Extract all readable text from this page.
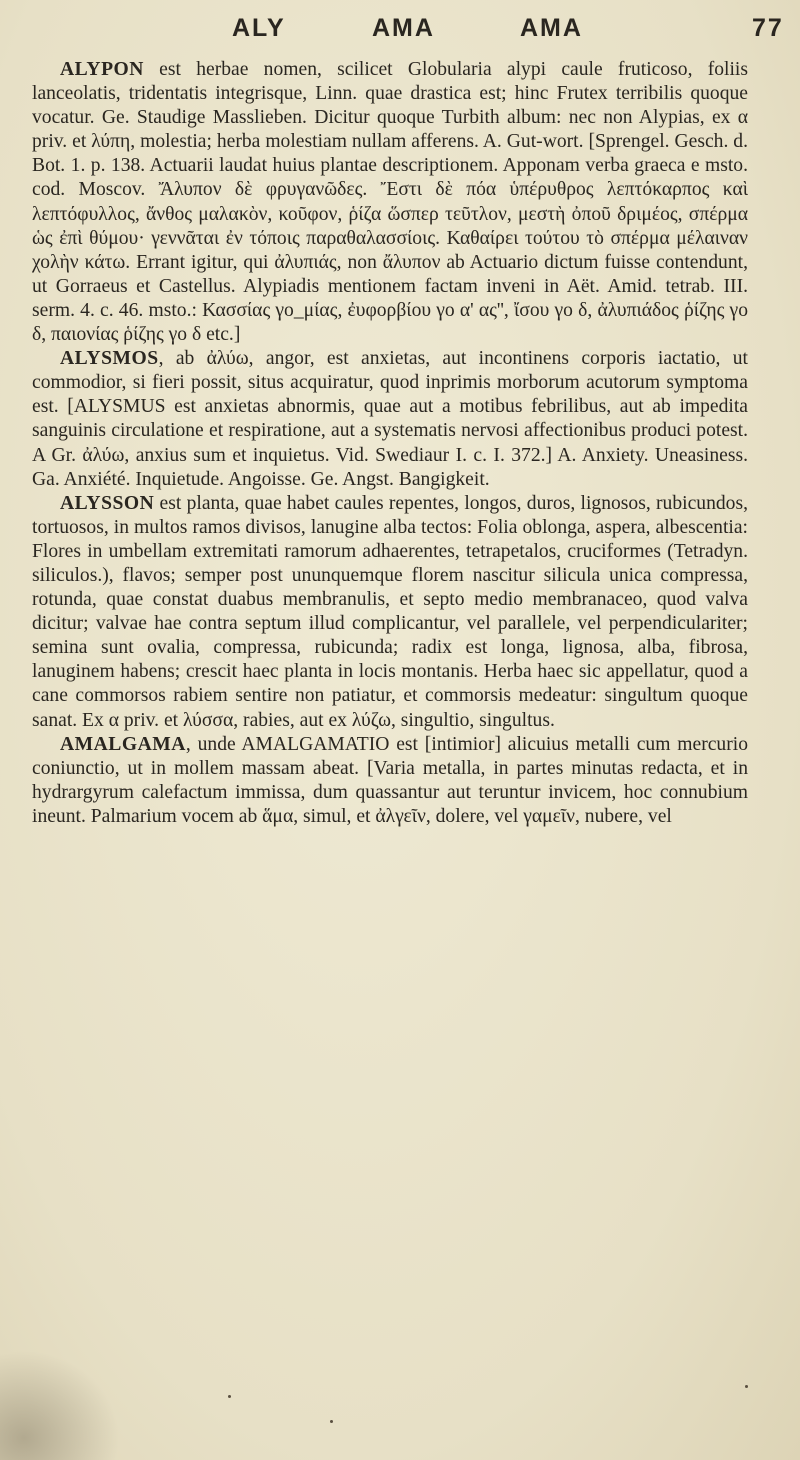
ALY	AMA	AMA	77

ALYPON est herbae nomen, scilicet Globularia alypi caule fruticoso, foliis lanceolatis, tridentatis integrisque, Linn. quae drastica est; hinc Frutex terribilis quoque vocatur. Ge. Staudige Masslieben. Dicitur quoque Turbith album: nec non Alypias, ex α priv. et λύπη, molestia; herba molestiam nullam afferens. A. Gut-wort. [Sprengel. Gesch. d. Bot. 1. p. 138. Actuarii laudat huius plantae descriptionem. Apponam verba graeca e msto. cod. Moscov. Ἄλυπον δὲ φρυγανῶδες. Ἔστι δὲ πόα ὑπέρυθρος λεπτόκαρπος καὶ λεπτόφυλλος, ἄνθος μαλακὸν, κοῦφον, ῥίζα ὥσπερ τεῦτλον, μεστὴ ὀποῦ δριμέος, σπέρμα ὡς ἐπὶ θύμου· γεννᾶται ἐν τόποις παραθαλασσίοις. Καθαίρει τούτου τὸ σπέρμα μέλαιναν χολὴν κάτω. Errant igitur, qui ἀλυπιάς, non ἄλυπον ab Actuario dictum fuisse contendunt, ut Gorraeus et Castellus. Alypiadis mentionem factam inveni in Aët. Amid. tetrab. III. serm. 4. c. 46. msto.: Κασσίας γο_μίας, ἐυφορβίου γο α' ας'', ἴσου γο δ, ἀλυπιάδος ῥίζης γο δ, παιονίας ῥίζης γο δ etc.]

ALYSMOS, ab ἀλύω, angor, est anxietas, aut incontinens corporis iactatio, ut commodior, si fieri possit, situs acquiratur, quod inprimis morborum acutorum symptoma est. [ALYSMUS est anxietas abnormis, quae aut a motibus febrilibus, aut ab impedita sanguinis circulatione et respiratione, aut a systematis nervosi affectionibus produci potest. A Gr. ἀλύω, anxius sum et inquietus. Vid. Swediaur I. c. I. 372.] A. Anxiety. Uneasiness. Ga. Anxiété. Inquietude. Angoisse. Ge. Angst. Bangigkeit.

ALYSSON est planta, quae habet caules repentes, longos, duros, lignosos, rubicundos, tortuosos, in multos ramos divisos, lanugine alba tectos: Folia oblonga, aspera, albescentia: Flores in umbellam extremitati ramorum adhaerentes, tetrapetalos, cruciformes (Tetradyn. siliculos.), flavos; semper post ununquemque florem nascitur silicula unica compressa, rotunda, quae constat duabus membranulis, et septo medio membranaceo, quod valva dicitur; valvae hae contra septum illud complicantur, vel parallele, vel perpendiculariter; semina sunt ovalia, compressa, rubicunda; radix est longa, lignosa, alba, fibrosa, lanuginem habens; crescit haec planta in locis montanis. Herba haec sic appellatur, quod a cane commorsos rabiem sentire non patiatur, et commorsis medeatur: singultum quoque sanat. Ex α priv. et λύσσα, rabies, aut ex λύζω, singultio, singultus.

AMALGAMA, unde AMALGAMATIO est [intimior] alicuius metalli cum mercurio coniunctio, ut in mollem massam abeat. [Varia metalla, in partes minutas redacta, et in hydrargyrum calefactum immissa, dum quassantur aut teruntur invicem, hoc connubium ineunt. Palmarium vocem ab ἅμα, simul, et ἀλγεῖν, dolere, vel γαμεῖν, nubere, vel
